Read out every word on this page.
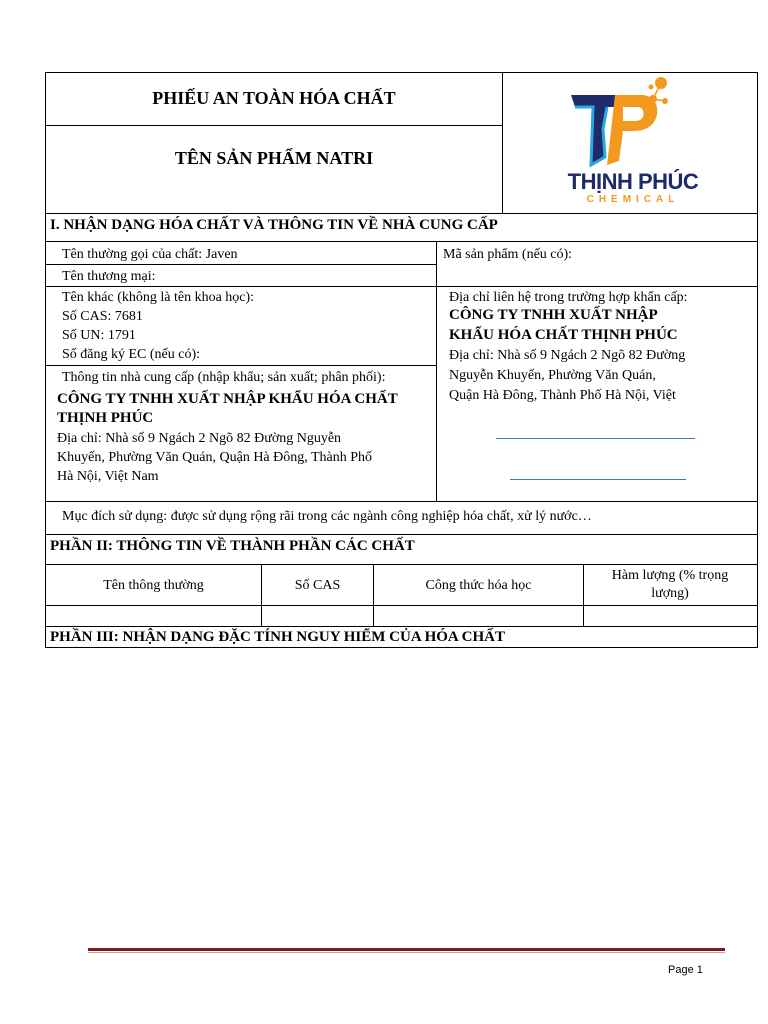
PHIẾU AN TOÀN HÓA CHẤT
TÊN SẢN PHẨM NATRI
THỊNH PHÚC
CHEMICAL
I. NHẬN DẠNG HÓA CHẤT VÀ THÔNG TIN VỀ NHÀ CUNG CẤP
Tên thường gọi của chất: Javen
Tên thương mại:
Mã sản phẩm (nếu có):
Tên khác (không là tên khoa học):
Số CAS: 7681
Số UN: 1791
Số đăng ký EC (nếu có):
Địa chỉ liên hệ trong trường hợp khẩn cấp:
CÔNG TY TNHH XUẤT NHẬP
KHẨU HÓA CHẤT THỊNH PHÚC
Địa chỉ: Nhà số 9 Ngách 2 Ngõ 82 Đường
Nguyễn Khuyến, Phường Văn Quán,
Quận Hà Đông, Thành Phố Hà Nội, Việt
Thông tin nhà cung cấp (nhập khẩu; sản xuất; phân phối):
CÔNG TY TNHH XUẤT NHẬP KHẨU HÓA CHẤT
THỊNH PHÚC
Địa chỉ: Nhà số 9 Ngách 2 Ngõ 82 Đường Nguyễn
Khuyến, Phường Văn Quán, Quận Hà Đông, Thành Phố
Hà Nội, Việt Nam
Mục đích sử dụng: được sử dụng rộng rãi trong các ngành công nghiệp hóa chất, xử lý nước…
PHẦN II: THÔNG TIN VỀ THÀNH PHẦN CÁC CHẤT
Tên thông thường	Số CAS	Công thức hóa học
Hàm lượng (% trọng lượng)
PHẦN III: NHẬN DẠNG ĐẶC TÍNH NGUY HIỂM CỦA HÓA CHẤT
Page 1
